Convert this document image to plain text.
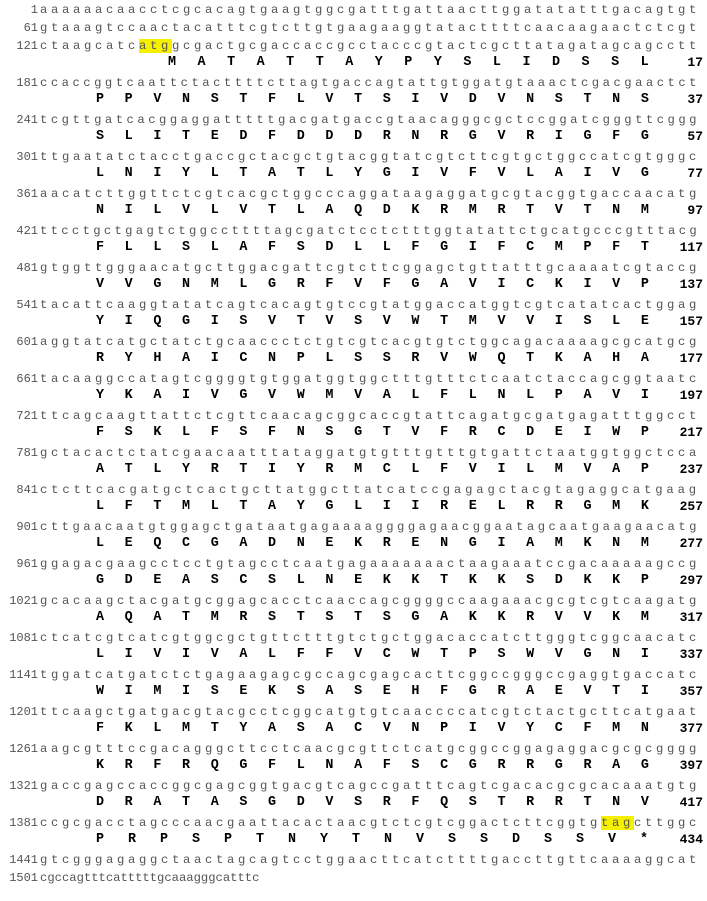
1 aaaaaacaacctcgcacagtgaagtggcgatttgattaacttggatatatttgacagtgt
61 gtaaagtccaactacatttcgtcttgtgaagaaggtatacttttcaacaagaactctcgt
121 ctaagcatcatggcgactgcgaccaccgcctacccgtactcgcttatagatagcagcctt
M   A   T   A   T   T   A   Y   P   Y   S   L   I   D   S   S   L	17
181 ccaccggtcaattctacttttcttagtgaccagtattgtggatgtaaactcgacgaactct
P   P   V   N   S   T   F   L   V   T   S   I   V   D   V   N   S   T   N   S	37
241 tcgttgatcacggaggatttttgacgatgaccgtaacagggcgctccggatcgggttcggg
S   L   I   T   E   D   F   D   D   D   R   N   R   G   V   R   I   G   F   G	57
301 ttgaatatctacctgaccgctacgctgtacggtatcgtcttcgtgctggccatcgtgggc
L   N   I   Y   L   T   A   T   L   Y   G   I   V   F   V   L   A   I   V   G	77
361 aacatcttggttctcgtcacgctggcccaggataagaggatgcgtacggtgaccaacatg
N   I   L   V   L   V   T   L   A   Q   D   K   R   M   R   T   V   T   N   M	97
421 ttcctgctgagtctggccttttagcgatctcctctttggtatattctgcatgcccgtttacg
F   L   L   S   L   A   F   S   D   L   L   F   G   I   F   C   M   P   F   T 117
481 gtggttgggaacatgcttggacgattcgtcttcggagctgttatttgcaaaatcgtaccg
V   V   G   N   M   L   G   R   F   V   F   G   A   V   I   C   K   I   V   P 137
541 tacattcaaggtatatcagtcacagtgtccgtatggaccatggtcgtcatatcactggag
Y   I   Q   G   I   S   V   T   V   S   V   W   T   M   V   V   I   S   L   E 157
601 aggtatcatgctatctgcaaccctctgtcgtcacgtgtctggcagacaaaagcgcatgcg
R   Y   H   A   I   C   N   P   L   S   S   R   V   W   Q   T   K   A   H   A 177
661 tacaaggccatagtcggggtgtggatggtggctttgtttctcaatctaccagcggtaatc
Y   K   A   I   V   G   V   W   M   V   A   L   F   L   N   L   P   A   V   I 197
721 ttcagcaagttattctcgttcaacagcggcaccgtattcagatgcgatgagatttggcct
F   S   K   L   F   S   F   N   S   G   T   V   F   R   C   D   E   I   W   P 217
781 gctacactctatcgaacaatttataggatgtgtttgtttgtgattctaatggtggctcca
A   T   L   Y   R   T   I   Y   R   M   C   L   F   V   I   L   M   V   A   P 237
841 ctcttcacgatgctcactgcttatggcttatcatccgagagctacgtagaggcatgaag
L   F   T   M   L   T   A   Y   G   L   I   I   R   E   L   R   R   G   M   K 257
901 cttgaacaatgtggagctgataatgagaaaaggggagaacggaatagcaatgaagaacatg
L   E   Q   C   G   A   D   N   E   K   R   E   N   G   I   A   M   K   N   M 277
961 ggagacgaagcctcctgtagcctcaatgagaaaaaaactaagaaatccgacaaaaagccg
G   D   E   A   S   C   S   L   N   E   K   K   T   K   K   S   D   K   K   P 297
1021 gcacaagctacgatgcggagcacctcaaccagcggggccaagaaacgcgtcgtcaagatg
A   Q   A   T   M   R   S   T   S   T   S   G   A   K   K   R   V   V   K   M 317
1081 ctcatcgtcatcgtggcgctgttctttgtctgctggacaccatcttgggtcggcaacatc
L   I   V   I   V   A   L   F   F   V   C   W   T   P   S   W   V   G   N   I 337
1141 tggatcatgatctctgagaagagcgccagcgagcacttcggccgggccgaggtgaccatc
W   I   M   I   S   E   K   S   A   S   E   H   F   G   R   A   E   V   T   I 357
1201 ttcaagctgatgacgtacgcctcggcatgtgtcaaccccatcgtctactgcttcatgaat
F   K   L   M   T   Y   A   S   A   C   V   N   P   I   V   Y   C   F   M   N 377
1261 aagcgtttccgacagggcttcctcaacgcgttctcatgcggccggagaggacgcgcgggg
K   R   F   R   Q   G   F   L   N   A   F   S   C   G   R   R   G   R   A   G 397
1321 gaccgagccaccggcgagcggtgacgtcagccgatttcagtcgacacgcgcacaaatgtg
D   R   A   T   A   S   G   D   V   S   R   F   Q   S   T   R   R   T   N   V 417
1381 ccgcgacctagcccaacgaattacactaacgtctcgtcggactcttcggtgtagcttggc
P   R   P   S   P   T   N   Y   T   N   V   S   S   D   S   S   V   * 434
1441 gtcgggagaggctaactagcagtcctggaacttcatcttttgaccttgttcaaaaggcat
1501 cgccagtttcatttttgcaaagggcatttc
